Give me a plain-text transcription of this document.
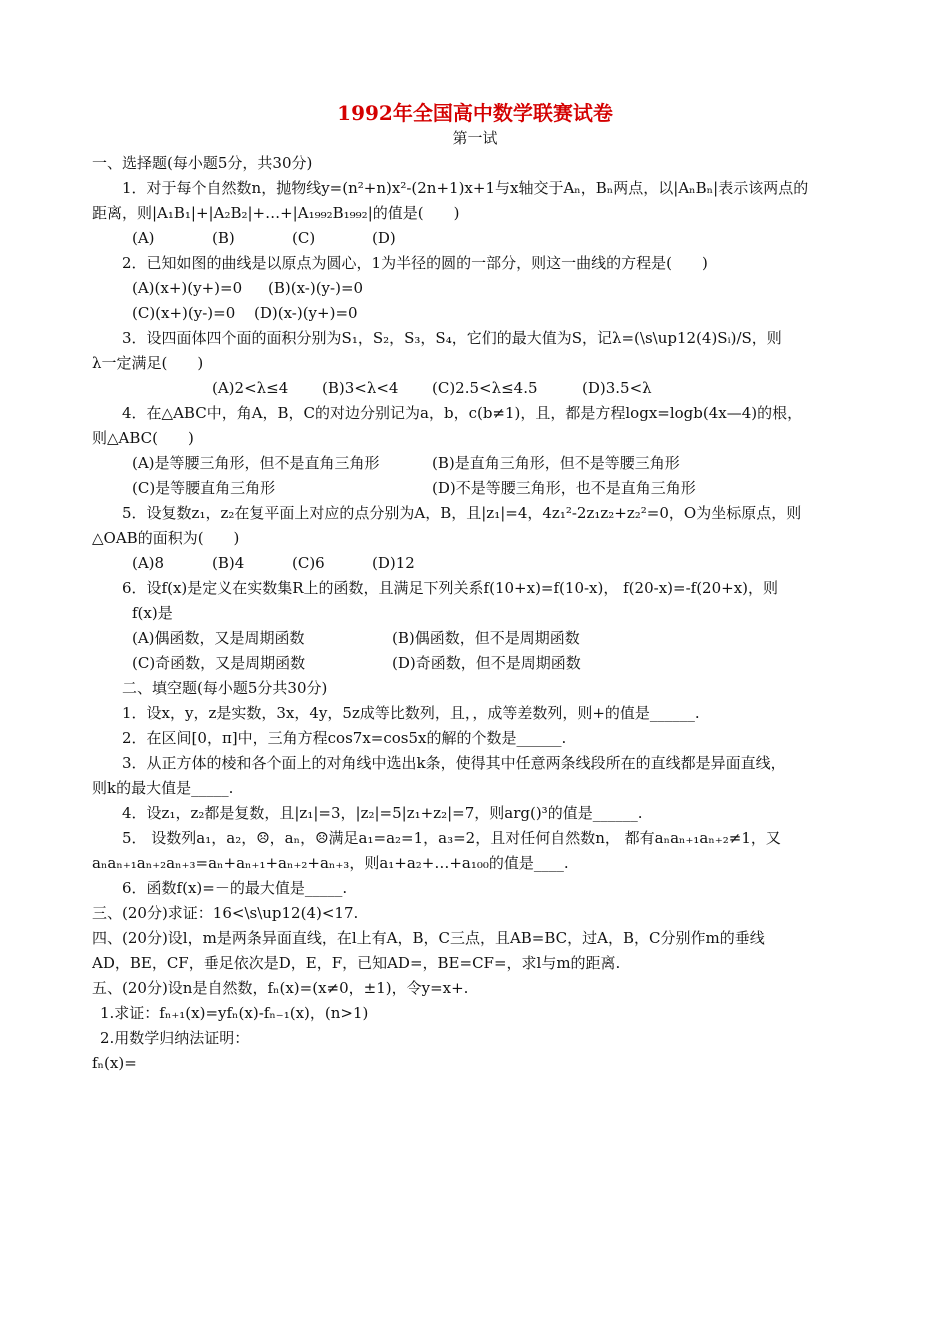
1992年全国高中数学联赛试卷
第一试
一、选择题(每小题5分，共30分)
1．对于每个自然数n，抛物线y=(n²+n)x²-(2n+1)x+1与x轴交于Aₙ，Bₙ两点，以|AₙBₙ|表示该两点的
距离，则|A₁B₁|+|A₂B₂|+…+|A₁₉₉₂B₁₉₉₂|的值是(　　)
(A)	(B)	(C)	(D)
2．已知如图的曲线是以原点为圆心，1为半径的圆的一部分，则这一曲线的方程是(　　)
(A)(x+)(y+)=0 (B)(x-)(y-)=0
(C)(x+)(y-)=0 (D)(x-)(y+)=0
3．设四面体四个面的面积分别为S₁，S₂，S₃，S₄，它们的最大值为S，记λ=(\s\up12(4)Sᵢ)/S，则
λ一定满足(　　)
(A)2<λ≤4 (B)3<λ<4 (C)2.5<λ≤4.5	(D)3.5<λ
4．在△ABC中，角A，B，C的对边分别记为a，b，c(b≠1)，且，都是方程logx=logb(4x—4)的根，
则△ABC(　　)
(A)是等腰三角形，但不是直角三角形	(B)是直角三角形，但不是等腰三角形
(C)是等腰直角三角形	(D)不是等腰三角形，也不是直角三角形
5．设复数z₁，z₂在复平面上对应的点分别为A，B，且|z₁|=4，4z₁²-2z₁z₂+z₂²=0，O为坐标原点，则
△OAB的面积为(　　)
(A)8	(B)4	(C)6	(D)12
6．设f(x)是定义在实数集R上的函数，且满足下列关系f(10+x)=f(10-x)， f(20-x)=-f(20+x)，则
f(x)是
(A)偶函数，又是周期函数	(B)偶函数，但不是周期函数
(C)奇函数，又是周期函数	(D)奇函数，但不是周期函数
二、填空题(每小题5分共30分)
1．设x，y，z是实数，3x，4y，5z成等比数列，且，，成等差数列，则+的值是______.
2．在区间[0，π]中，三角方程cos7x=cos5x的解的个数是______.
3．从正方体的棱和各个面上的对角线中选出k条，使得其中任意两条线段所在的直线都是异面直线，
则k的最大值是_____.
4．设z₁，z₂都是复数，且|z₁|=3，|z₂|=5|z₁+z₂|=7，则arg()³的值是______.
5． 设数列a₁，a₂，☹，aₙ，☹满足a₁=a₂=1，a₃=2，且对任何自然数n， 都有aₙaₙ₊₁aₙ₊₂≠1，又
aₙaₙ₊₁aₙ₊₂aₙ₊₃=aₙ+aₙ₊₁+aₙ₊₂+aₙ₊₃，则a₁+a₂+…+a₁₀₀的值是____.
6．函数f(x)=－的最大值是_____.
三、(20分)求证：16<\s\up12(4)<17.
四、(20分)设l，m是两条异面直线，在l上有A，B，C三点，且AB=BC，过A，B，C分别作m的垂线
AD，BE，CF，垂足依次是D，E，F，已知AD=，BE=CF=，求l与m的距离.
五、(20分)设n是自然数，fₙ(x)=(x≠0，±1)，令y=x+.
1.求证：fₙ₊₁(x)=yfₙ(x)-fₙ₋₁(x)，(n>1)
2.用数学归纳法证明：
fₙ(x)=
